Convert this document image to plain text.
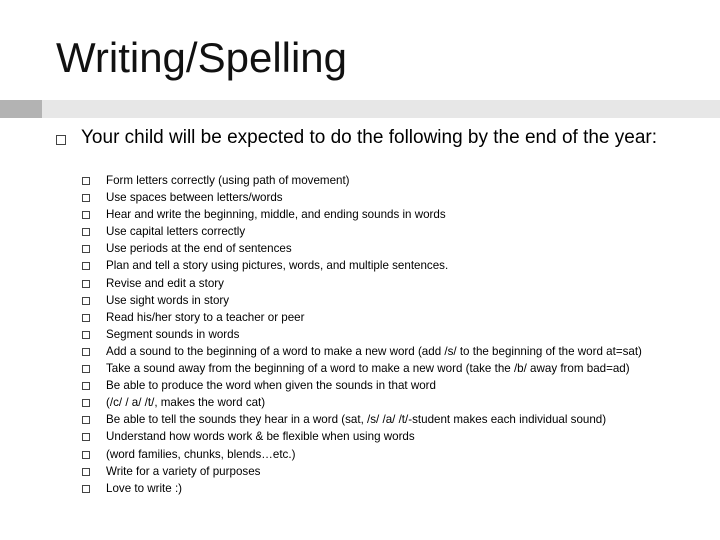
Writing/Spelling
Your child will be expected to do the following by the end of the year:
Form letters correctly (using path of movement)
Use spaces between letters/words
Hear and write the beginning, middle, and ending sounds in words
Use capital letters correctly
Use periods at the end of sentences
Plan and tell a story using pictures, words, and multiple sentences.
Revise and edit a story
Use sight words in story
Read his/her story to a teacher or peer
Segment sounds in words
Add a sound to the beginning of a word to make a new word (add /s/ to the beginning of the word at=sat)
Take a sound away from the beginning of a word to make a new word (take the /b/ away from bad=ad)
Be able to produce the word when given the sounds in that word
(/c/ / a/ /t/, makes the word cat)
Be able to tell the sounds they hear in a word (sat, /s/ /a/ /t/-student makes each individual sound)
Understand how words work & be flexible when using words
(word families, chunks, blends…etc.)
Write for a variety of purposes
Love to write :)
